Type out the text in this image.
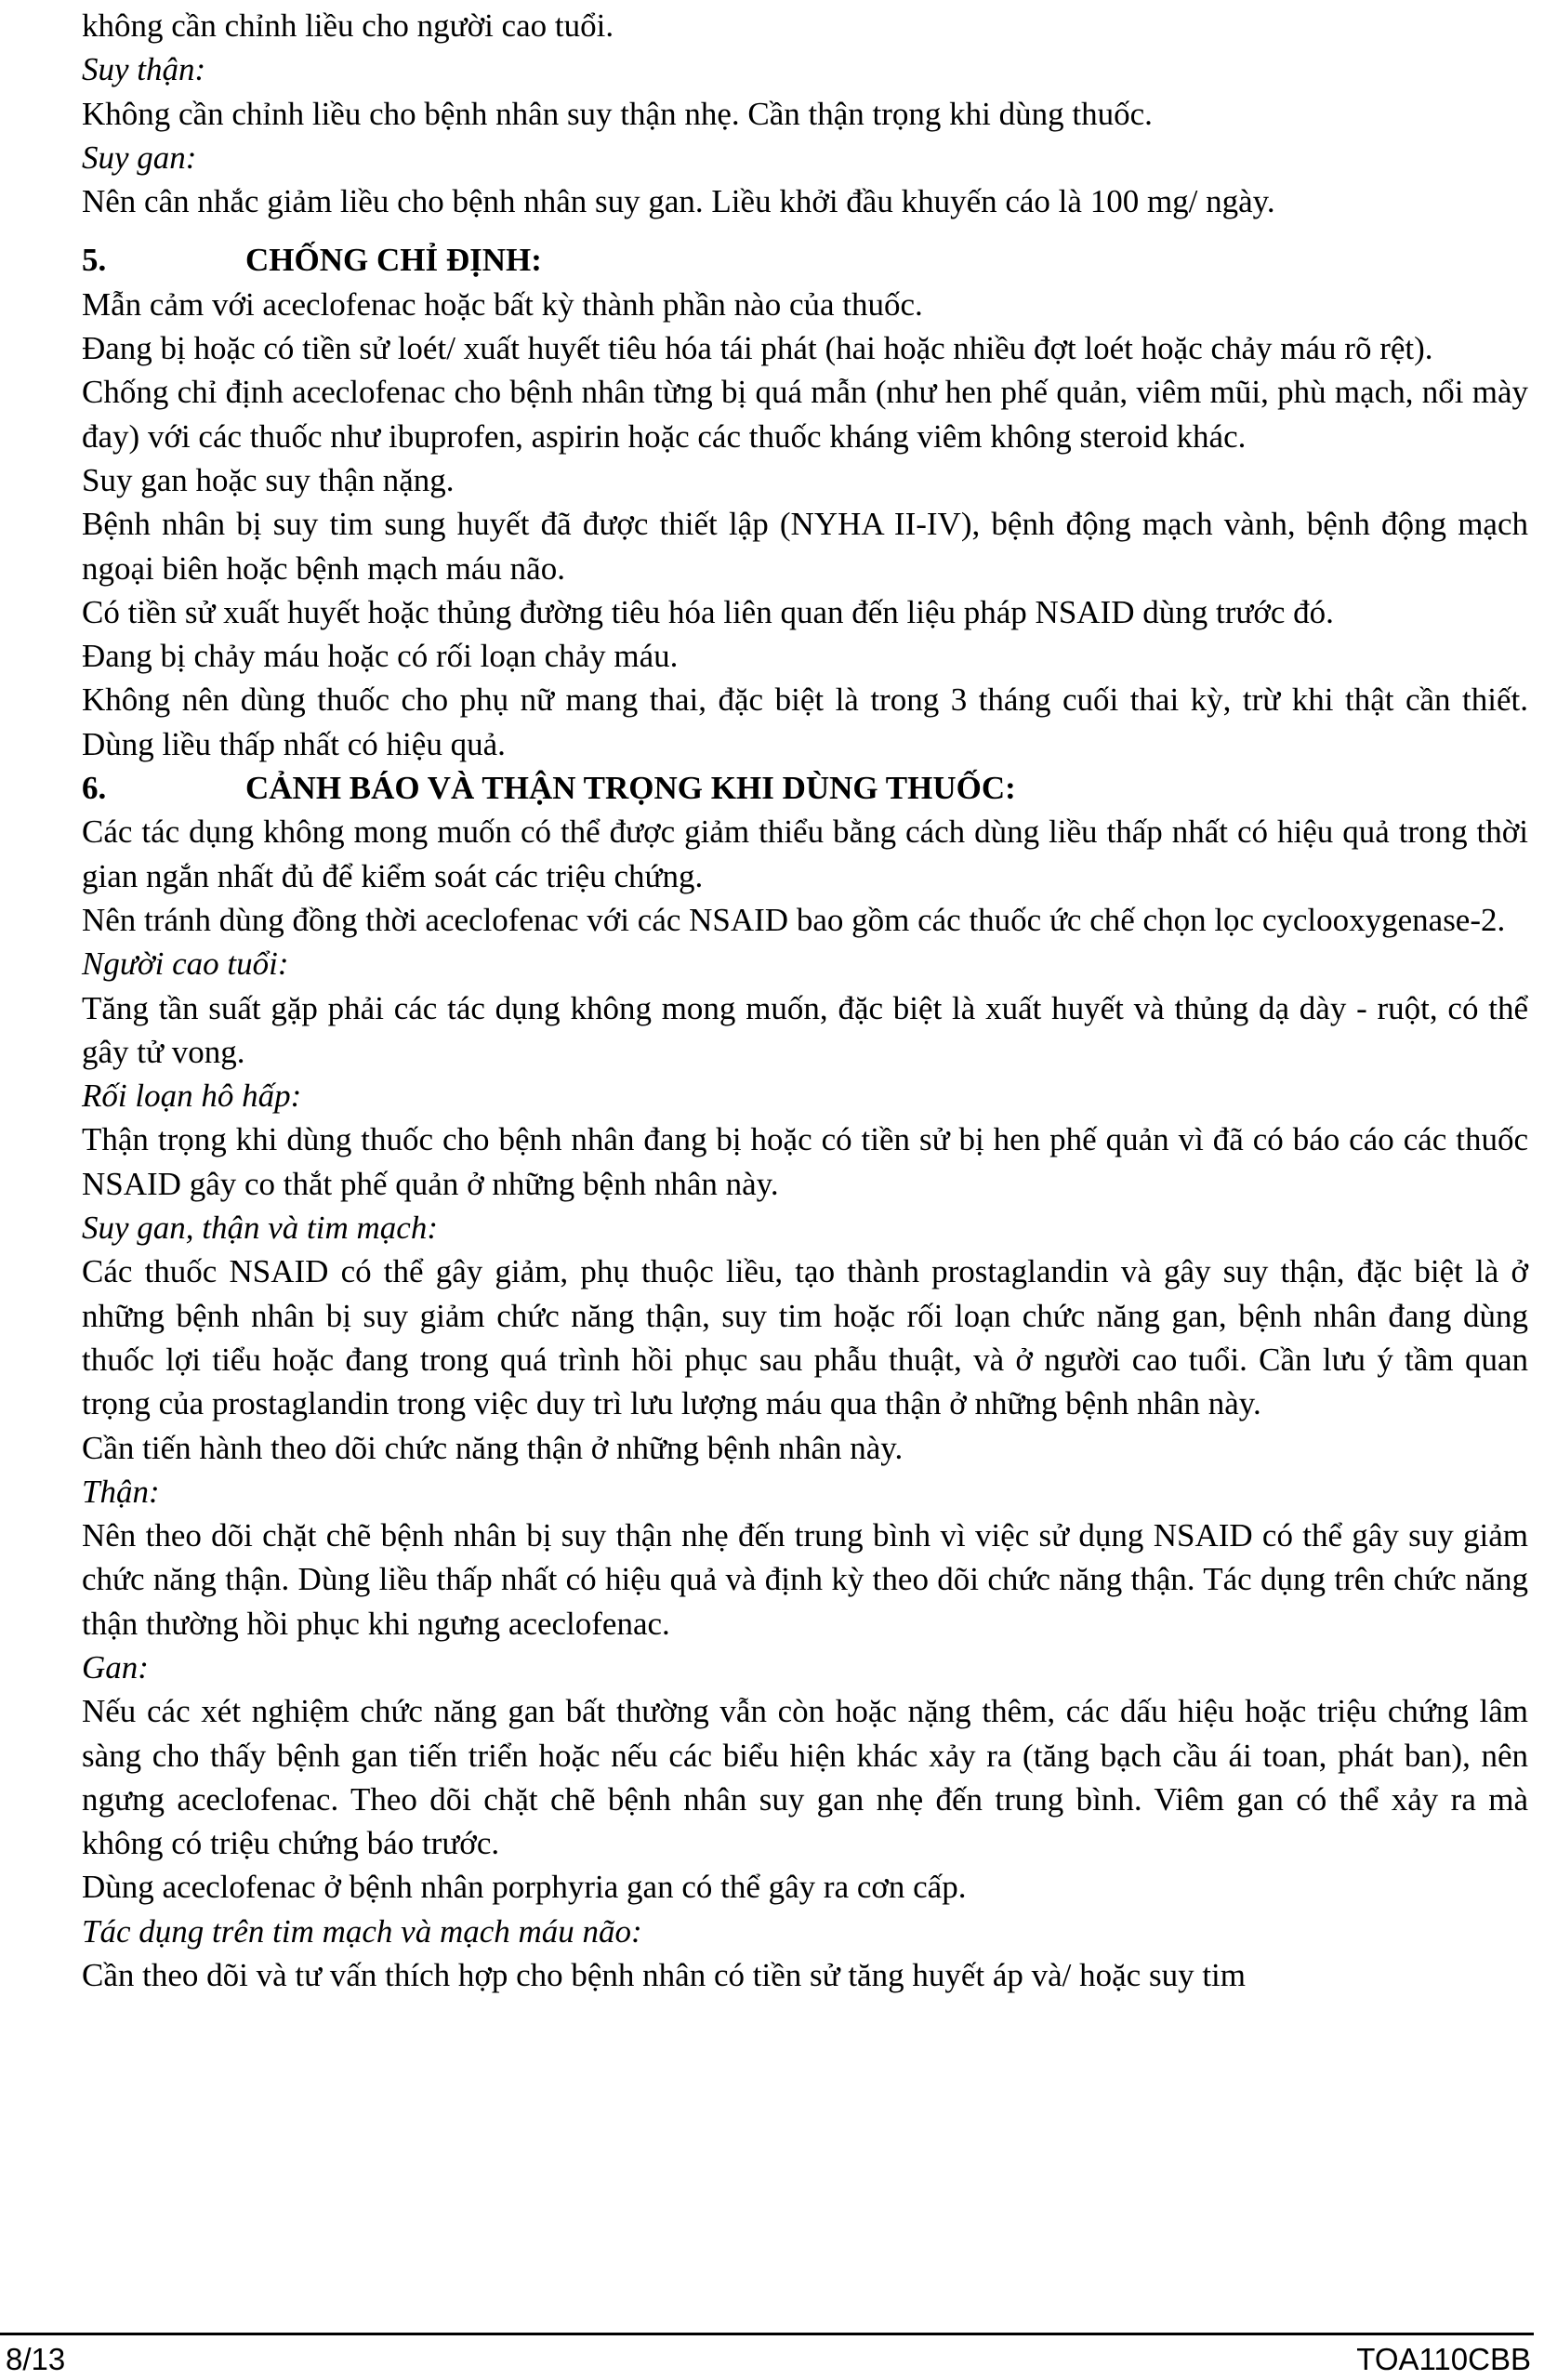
không cần chỉnh liều cho người cao tuổi.

Suy thận:

Không cần chỉnh liều cho bệnh nhân suy thận nhẹ. Cần thận trọng khi dùng thuốc.

Suy gan:

Nên cân nhắc giảm liều cho bệnh nhân suy gan. Liều khởi đầu khuyến cáo là 100 mg/ ngày.

5.	CHỐNG CHỈ ĐỊNH:

Mẫn cảm với aceclofenac hoặc bất kỳ thành phần nào của thuốc.

Đang bị hoặc có tiền sử loét/ xuất huyết tiêu hóa tái phát (hai hoặc nhiều đợt loét hoặc chảy máu rõ rệt).

Chống chỉ định aceclofenac cho bệnh nhân từng bị quá mẫn (như hen phế quản, viêm mũi, phù mạch, nổi mày đay) với các thuốc như ibuprofen, aspirin hoặc các thuốc kháng viêm không steroid khác.

Suy gan hoặc suy thận nặng.

Bệnh nhân bị suy tim sung huyết đã được thiết lập (NYHA II-IV), bệnh động mạch vành, bệnh động mạch ngoại biên hoặc bệnh mạch máu não.

Có tiền sử xuất huyết hoặc thủng đường tiêu hóa liên quan đến liệu pháp NSAID dùng trước đó.

Đang bị chảy máu hoặc có rối loạn chảy máu.

Không nên dùng thuốc cho phụ nữ mang thai, đặc biệt là trong 3 tháng cuối thai kỳ, trừ khi thật cần thiết. Dùng liều thấp nhất có hiệu quả.

6.	CẢNH BÁO VÀ THẬN TRỌNG KHI DÙNG THUỐC:

Các tác dụng không mong muốn có thể được giảm thiểu bằng cách dùng liều thấp nhất có hiệu quả trong thời gian ngắn nhất đủ để kiểm soát các triệu chứng.

Nên tránh dùng đồng thời aceclofenac với các NSAID bao gồm các thuốc ức chế chọn lọc cyclooxygenase-2.

Người cao tuổi:

Tăng tần suất gặp phải các tác dụng không mong muốn, đặc biệt là xuất huyết và thủng dạ dày - ruột, có thể gây tử vong.

Rối loạn hô hấp:

Thận trọng khi dùng thuốc cho bệnh nhân đang bị hoặc có tiền sử bị hen phế quản vì đã có báo cáo các thuốc NSAID gây co thắt phế quản ở những bệnh nhân này.

Suy gan, thận và tim mạch:

Các thuốc NSAID có thể gây giảm, phụ thuộc liều, tạo thành prostaglandin và gây suy thận, đặc biệt là ở những bệnh nhân bị suy giảm chức năng thận, suy tim hoặc rối loạn chức năng gan, bệnh nhân đang dùng thuốc lợi tiểu hoặc đang trong quá trình hồi phục sau phẫu thuật, và ở người cao tuổi. Cần lưu ý tầm quan trọng của prostaglandin trong việc duy trì lưu lượng máu qua thận ở những bệnh nhân này.

Cần tiến hành theo dõi chức năng thận ở những bệnh nhân này.

Thận:

Nên theo dõi chặt chẽ bệnh nhân bị suy thận nhẹ đến trung bình vì việc sử dụng NSAID có thể gây suy giảm chức năng thận. Dùng liều thấp nhất có hiệu quả và định kỳ theo dõi chức năng thận. Tác dụng trên chức năng thận thường hồi phục khi ngưng aceclofenac.

Gan:

Nếu các xét nghiệm chức năng gan bất thường vẫn còn hoặc nặng thêm, các dấu hiệu hoặc triệu chứng lâm sàng cho thấy bệnh gan tiến triển hoặc nếu các biểu hiện khác xảy ra (tăng bạch cầu ái toan, phát ban), nên ngưng aceclofenac. Theo dõi chặt chẽ bệnh nhân suy gan nhẹ đến trung bình. Viêm gan có thể xảy ra mà không có triệu chứng báo trước.

Dùng aceclofenac ở bệnh nhân porphyria gan có thể gây ra cơn cấp.

Tác dụng trên tim mạch và mạch máu não:

Cần theo dõi và tư vấn thích hợp cho bệnh nhân có tiền sử tăng huyết áp và/ hoặc suy tim

8/13	TOA110CBB
